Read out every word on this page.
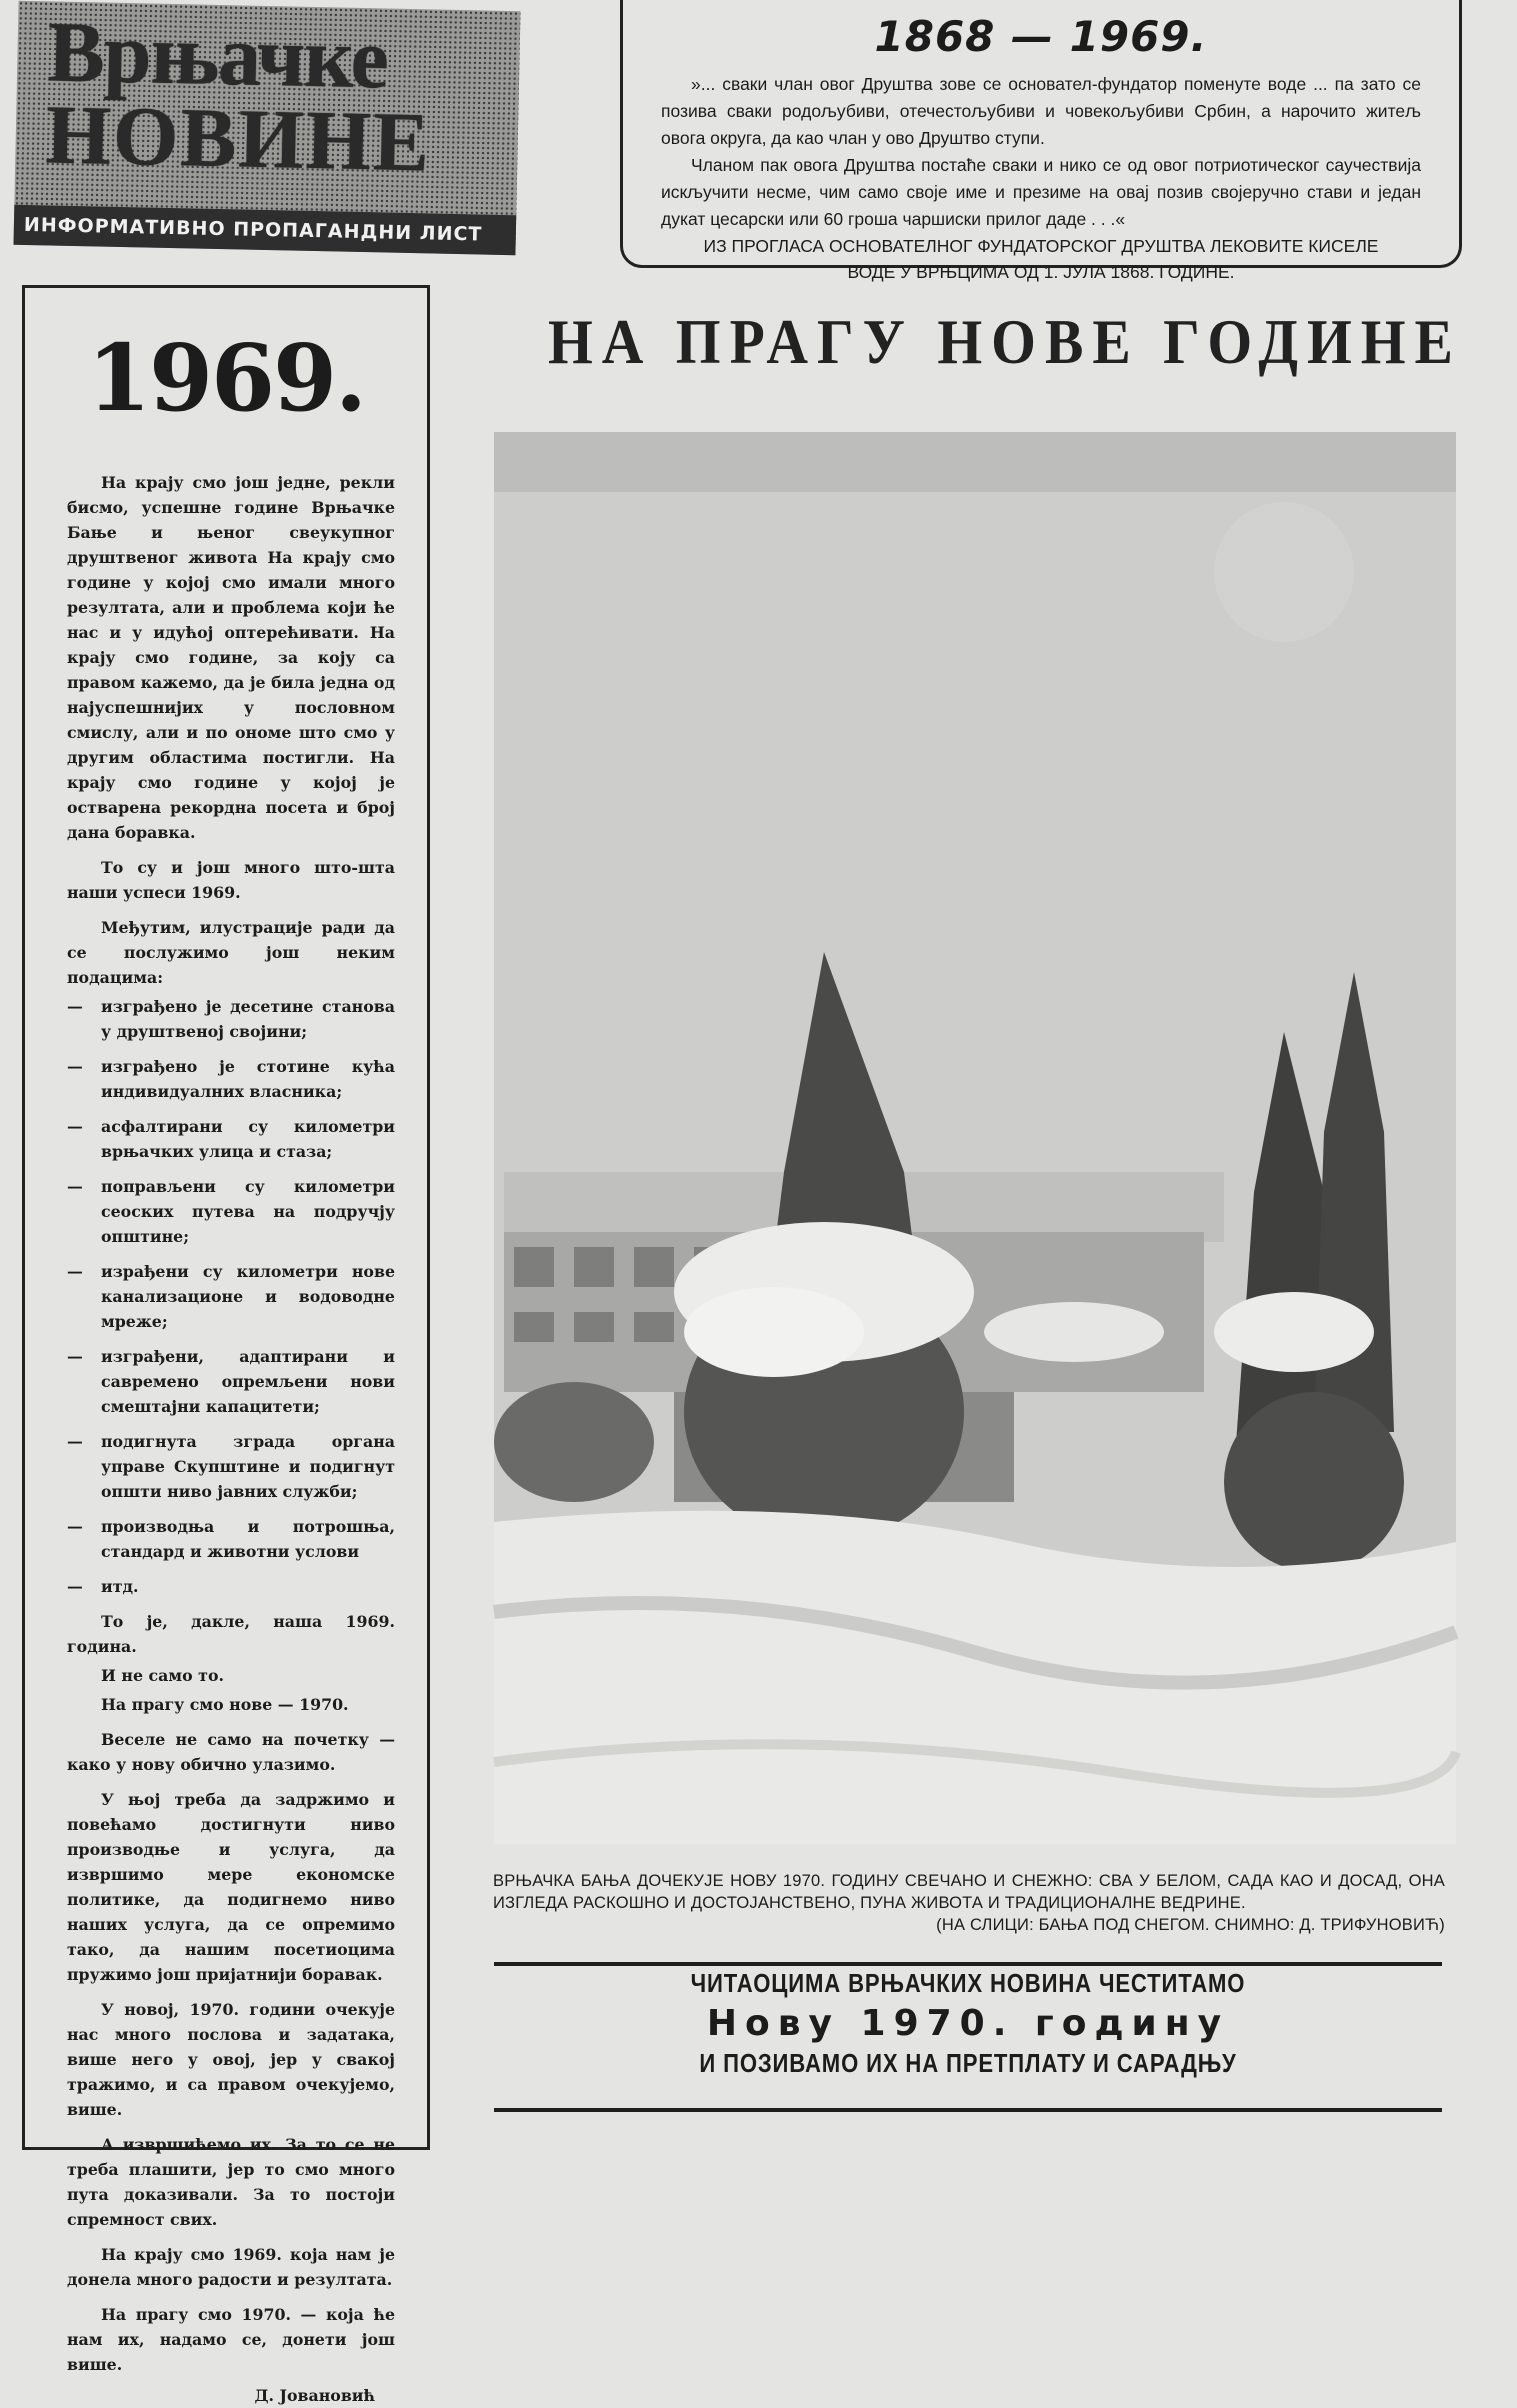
Врњачке
НОВИНЕ
ИНФОРМАТИВНО ПРОПАГАНДНИ ЛИСТ
1868 — 1969.

»... сваки члан овог Друштва зове се основател-фундатор поменуте воде ... па зато се позива сваки родољубиви, отечестољубиви и човекољубиви Србин, а нарочито житељ овога округа, да као члан у ово Друштво ступи.

Чланом пак овога Друштва постаће сваки и нико се од овог потриотическог саучествија искључити несме, чим само своје име и презиме на овај позив својеручно стави и један дукат цесарски или 60 гроша чаршиски прилог даде . . .«

ИЗ ПРОГЛАСА ОСНОВАТЕЛНОГ ФУНДАТОРСКОГ ДРУШТВА ЛЕКОВИТЕ КИСЕЛЕ
ВОДЕ У ВРЊЦИМА ОД 1. ЈУЛА 1868. ГОДИНЕ.
1969.

На крају смо још једне, рекли бисмо, успешне године Врњачке Бање и њеног свеукупног друштвеног живота На крају смо године у којој смо имали много резултата, али и проблема који ће нас и у идућој оптерећивати. На крају смо године, за коју са правом кажемо, да је била једна од најуспешнијих у пословном смислу, али и по ономе што смо у другим областима постигли. На крају смо године у којој је остварена рекордна посета и број дана боравка.

То су и још много што-шта наши успеси 1969.

Међутим, илустрације ради да се послужимо још неким подацима:

— изграђено је десетине станова у друштвеној својини;
— изграђено је стотине кућа индивидуалних власника;
— асфалтирани су километри врњачких улица и стаза;
— поправљени су километри сеоских путева на подручју општине;
— израђени су километри нове канализационе и водоводне мреже;
— изграђени, адаптирани и савремено опремљени нови смештајни капацитети;
— подигнута зграда органа управе Скупштине и подигнут општи ниво јавних служби;
— производња и потрошња, стандард и животни услови
— итд.

То је, дакле, наша 1969. година.

И не само то.

На прагу смо нове — 1970.

Веселе не само на почетку — како у нову обично улазимо.

У њој треба да задржимо и повећамо достигнути ниво производње и услуга, да извршимо мере економске политике, да подигнемо ниво наших услуга, да се опремимо тако, да нашим посетиоцима пружимо још пријатнији боравак.

У новој, 1970. години очекује нас много послова и задатака, више него у овој, јер у свакој тражимо, и са правом очекујемо, више.

А извршићемо их. За то се не треба плашити, јер то смо много пута доказивали. За то постоји спремност свих.

На крају смо 1969. која нам је донела много радости и резултата.

На прагу смо 1970. — која ће нам их, надамо се, донети још више.

Д. Јовановић
НА ПРАГУ НОВЕ ГОДИНЕ
ВРЊАЧКА БАЊА ДОЧЕКУЈЕ НОВУ 1970. ГОДИНУ СВЕЧАНО И СНЕЖНО: СВА У БЕЛОМ, САДА КАО И ДОСАД, ОНА ИЗГЛЕДА РАСКОШНО И ДОСТОЈАНСТВЕНО, ПУНА ЖИВОТА И ТРАДИЦИОНАЛНЕ ВЕДРИНЕ.
(НА СЛИЦИ: БАЊА ПОД СНЕГОМ. СНИМНО: Д. ТРИФУНОВИЋ)
ЧИТАОЦИМА ВРЊАЧКИХ НОВИНА ЧЕСТИТАМО
Нову 1970. годину
И ПОЗИВАМО ИХ НА ПРЕТПЛАТУ И САРАДЊУ
